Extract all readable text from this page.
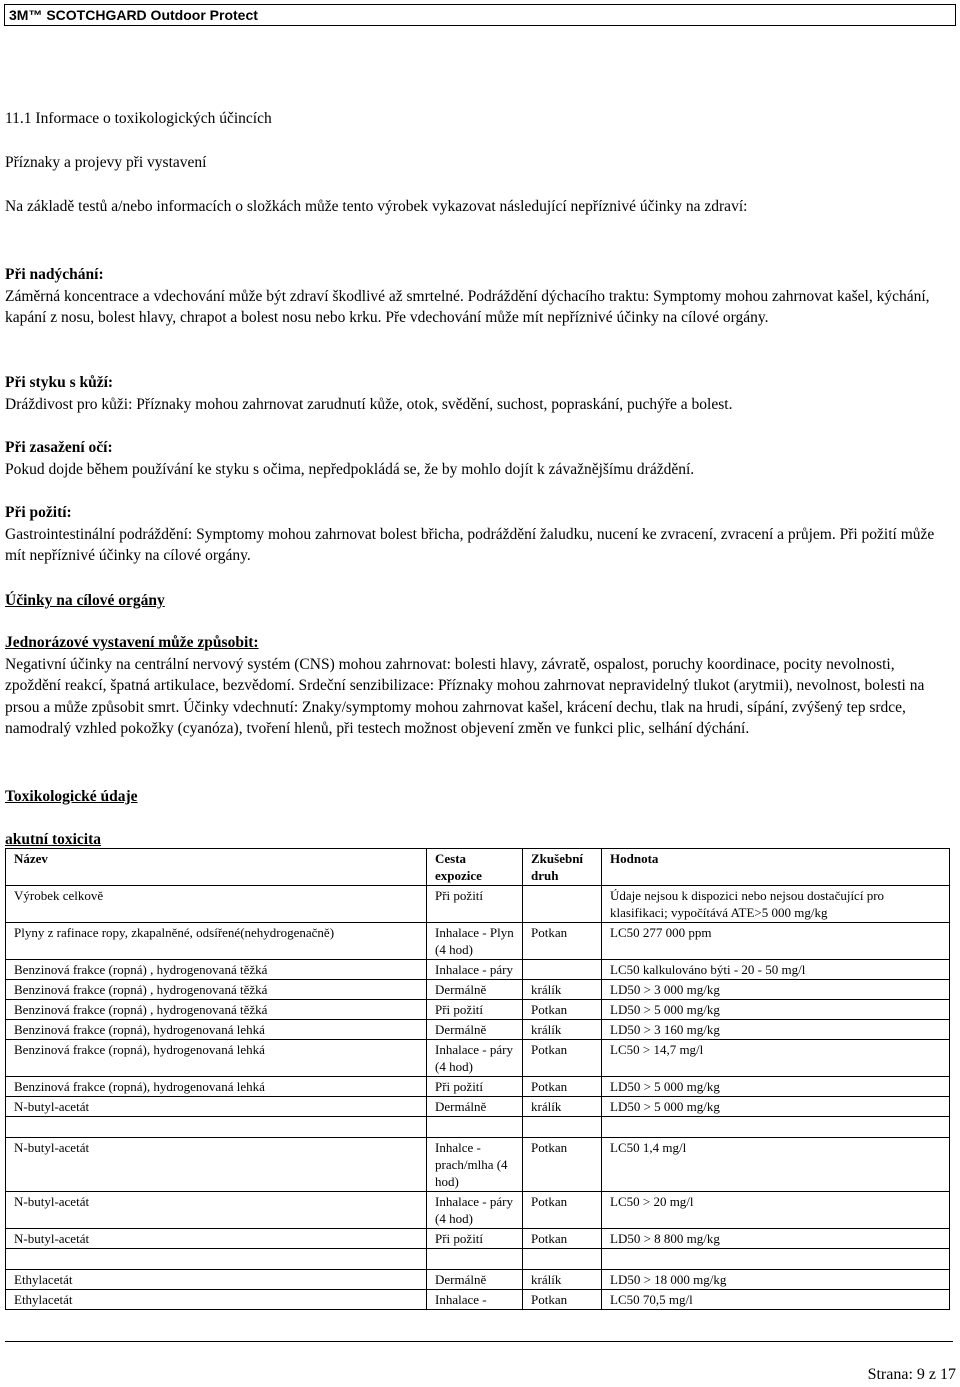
3M™ SCOTCHGARD Outdoor Protect
11.1 Informace o toxikologických účincích
Příznaky a projevy při vystavení
Na základě testů a/nebo informacích o složkách může tento výrobek vykazovat následující nepříznivé účinky na zdraví:
Při nadýchání:
Záměrná koncentrace a vdechování může být zdraví škodlivé až smrtelné. Podráždění dýchacího traktu: Symptomy mohou zahrnovat kašel, kýchání, kapání z nosu, bolest hlavy, chrapot a bolest nosu nebo krku. Pře vdechování může mít nepříznivé účinky na cílové orgány.
Při styku s kůží:
Dráždivost pro kůži: Příznaky mohou zahrnovat zarudnutí kůže, otok, svědění, suchost, popraskání, puchýře a bolest.
Při zasažení očí:
Pokud dojde během používání ke styku s očima, nepředpokládá se, že by mohlo dojít k závažnějšímu dráždění.
Při požití:
Gastrointestinální podráždění: Symptomy mohou zahrnovat bolest břicha, podráždění žaludku, nucení ke zvracení, zvracení a průjem. Při požití může mít nepříznivé účinky na cílové orgány.
Účinky na cílové orgány
Jednorázové vystavení může způsobit:
Negativní účinky na centrální nervový systém (CNS) mohou zahrnovat: bolesti hlavy, závratě, ospalost, poruchy koordinace, pocity nevolnosti, zpoždění reakcí, špatná artikulace, bezvědomí. Srdeční senzibilizace: Příznaky mohou zahrnovat nepravidelný tlukot (arytmii), nevolnost, bolesti na prsou a může způsobit smrt. Účinky vdechnutí: Znaky/symptomy mohou zahrnovat kašel, krácení dechu, tlak na hrudi, sípání, zvýšený tep srdce, namodralý vzhled pokožky (cyanóza), tvoření hlenů, při testech možnost objevení změn ve funkci plic, selhání dýchání.
Toxikologické údaje
akutní toxicita
Název	Cesta expozice	Zkušební druh	Hodnota
Výrobek celkově	Při požití		Údaje nejsou k dispozici nebo nejsou dostačující pro klasifikaci; vypočítává ATE>5 000 mg/kg
Plyny z rafinace ropy, zkapalněné, odsířené(nehydrogenačně)	Inhalace - Plyn (4 hod)	Potkan	LC50 277 000 ppm
Benzinová frakce (ropná) , hydrogenovaná těžká	Inhalace - páry		LC50 kalkulováno býti - 20 - 50 mg/l
Benzinová frakce (ropná) , hydrogenovaná těžká	Dermálně	králík	LD50 > 3 000 mg/kg
Benzinová frakce (ropná) , hydrogenovaná těžká	Při požití	Potkan	LD50 > 5 000 mg/kg
Benzinová frakce (ropná), hydrogenovaná lehká	Dermálně	králík	LD50 > 3 160 mg/kg
Benzinová frakce (ropná), hydrogenovaná lehká	Inhalace - páry (4 hod)	Potkan	LC50 > 14,7 mg/l
Benzinová frakce (ropná), hydrogenovaná lehká	Při požití	Potkan	LD50 > 5 000 mg/kg
N-butyl-acetát	Dermálně	králík	LD50 > 5 000 mg/kg

N-butyl-acetát	Inhalce - prach/mlha (4 hod)	Potkan	LC50 1,4 mg/l
N-butyl-acetát	Inhalace - páry (4 hod)	Potkan	LC50 > 20 mg/l
N-butyl-acetát	Při požití	Potkan	LD50 > 8 800 mg/kg

Ethylacetát	Dermálně	králík	LD50 > 18 000 mg/kg
Ethylacetát	Inhalace -	Potkan	LC50 70,5 mg/l
Strana: 9 z 17
